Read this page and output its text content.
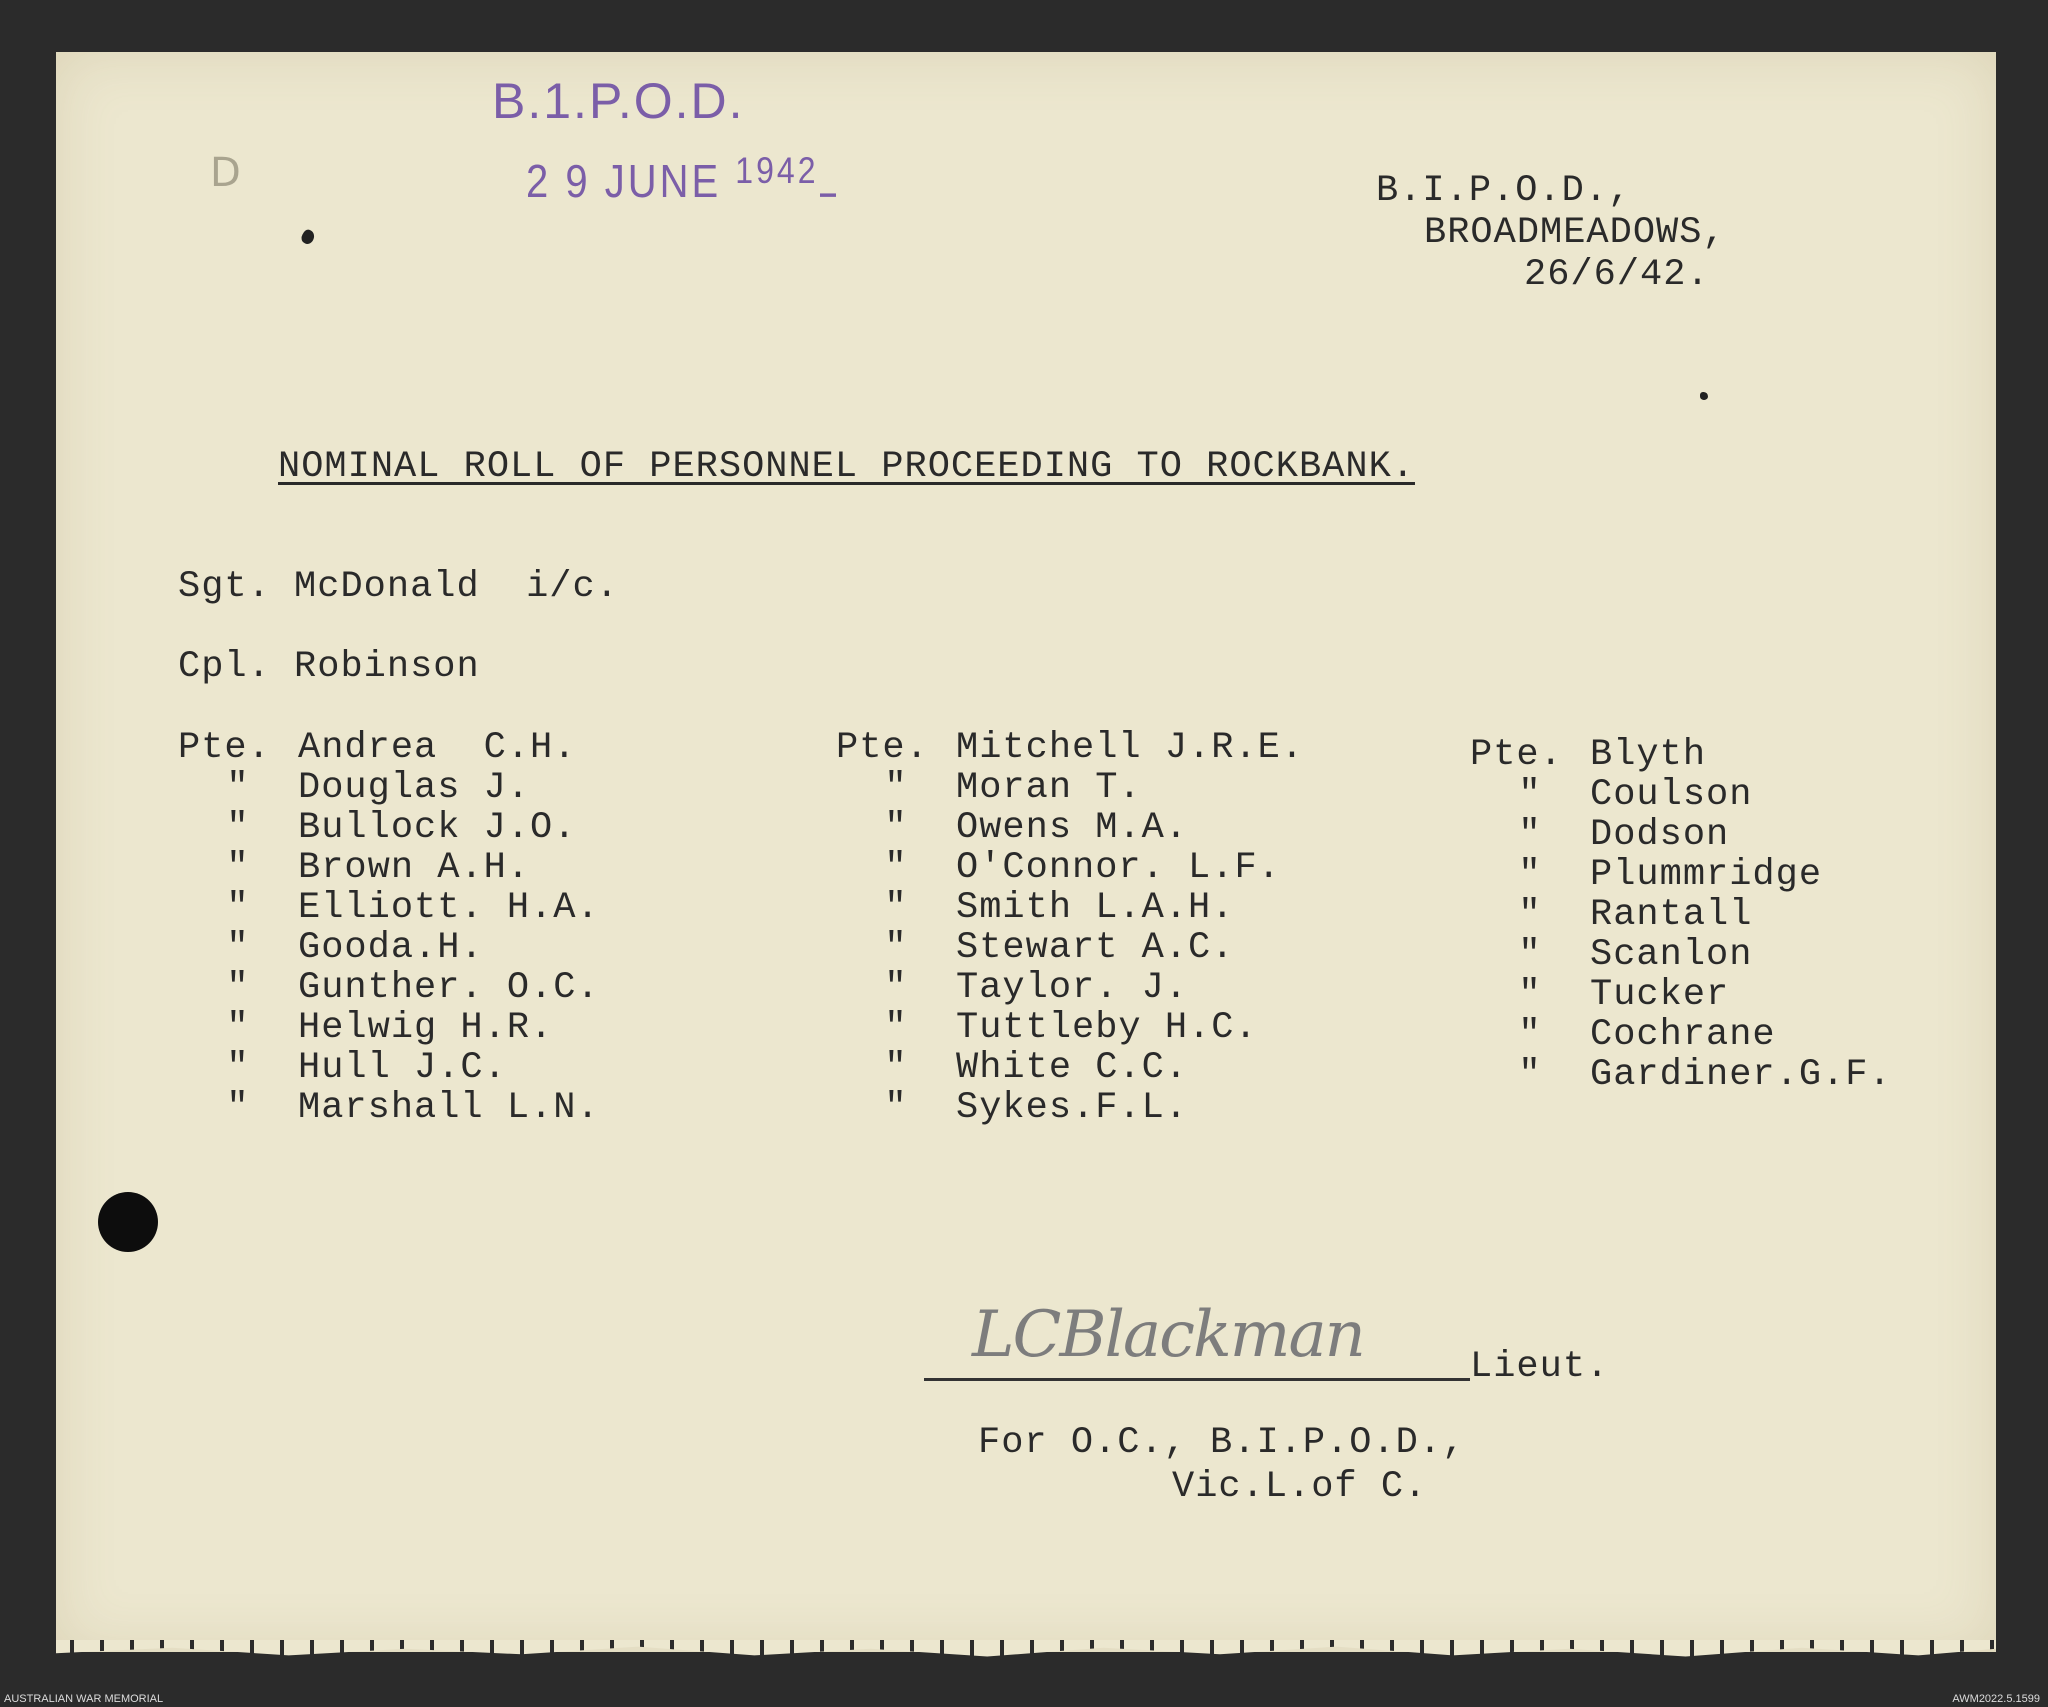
D
B.1.P.O.D.
2 9 JUNE $^{1942}$	B.I.P.O.D.,
BROADMEADOWS,
26/6/42.
NOMINAL ROLL OF PERSONNEL PROCEEDING TO ROCKBANK.
Sgt. McDonald  i/c.
Cpl. Robinson
Pte. Andrea  C.H.
" Douglas J.
" Bullock J.O.
" Brown A.H.
" Elliott. H.A.
" Gooda.H.
" Gunther. O.C.
" Helwig H.R.
" Hull J.C.
" Marshall L.N.
Pte. Mitchell J.R.E.
" Moran T.
" Owens M.A.
" O'Connor. L.F.
" Smith L.A.H.
" Stewart A.C.
" Taylor. J.
" Tuttleby H.C.
" White C.C.
" Sykes.F.L.
Pte. Blyth
" Coulson
" Dodson
" Plummridge
" Rantall
" Scanlon
" Tucker
" Cochrane
" Gardiner.G.F.
LCBlackman	Lieut.
For O.C., B.I.P.O.D.,
Vic.L.of C.
AUSTRALIAN WAR MEMORIAL	AWM2022.5.1599
